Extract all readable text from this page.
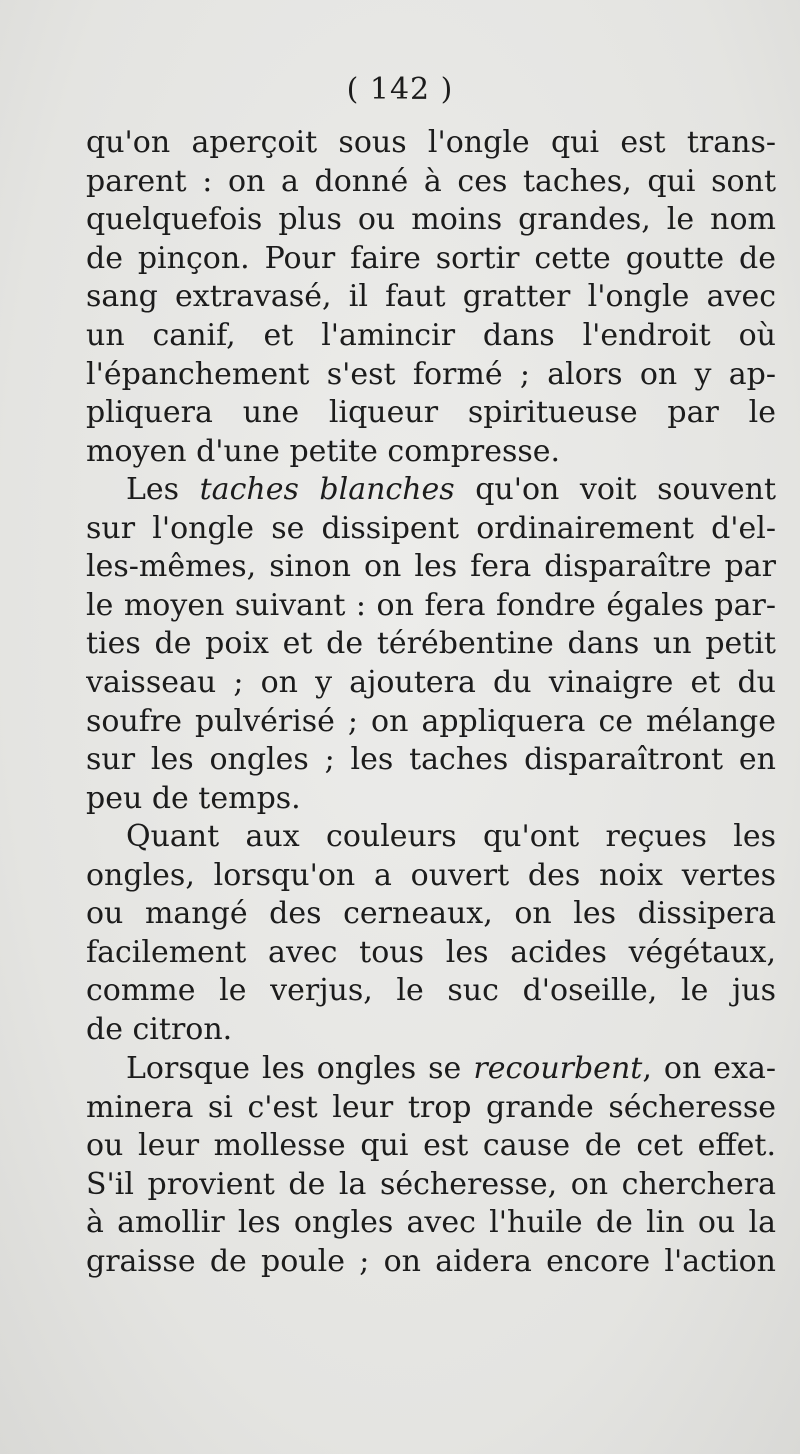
( 142 )
qu'on aperçoit sous l'ongle qui est trans-
parent : on a donné à ces taches, qui sont
quelquefois plus ou moins grandes, le nom
de pinçon. Pour faire sortir cette goutte de
sang extravasé, il faut gratter l'ongle avec
un canif, et l'amincir dans l'endroit où
l'épanchement s'est formé ; alors on y ap-
pliquera une liqueur spiritueuse par le
moyen d'une petite compresse.
Les taches blanches qu'on voit souvent
sur l'ongle se dissipent ordinairement d'el-
les-mêmes, sinon on les fera disparaître par
le moyen suivant : on fera fondre égales par-
ties de poix et de térébentine dans un petit
vaisseau ; on y ajoutera du vinaigre et du
soufre pulvérisé ; on appliquera ce mélange
sur les ongles ; les taches disparaîtront en
peu de temps.
Quant aux couleurs qu'ont reçues les
ongles, lorsqu'on a ouvert des noix vertes
ou mangé des cerneaux, on les dissipera
facilement avec tous les acides végétaux,
comme le verjus, le suc d'oseille, le jus
de citron.
Lorsque les ongles se recourbent, on exa-
minera si c'est leur trop grande sécheresse
ou leur mollesse qui est cause de cet effet.
S'il provient de la sécheresse, on cherchera
à amollir les ongles avec l'huile de lin ou la
graisse de poule ; on aidera encore l'action
